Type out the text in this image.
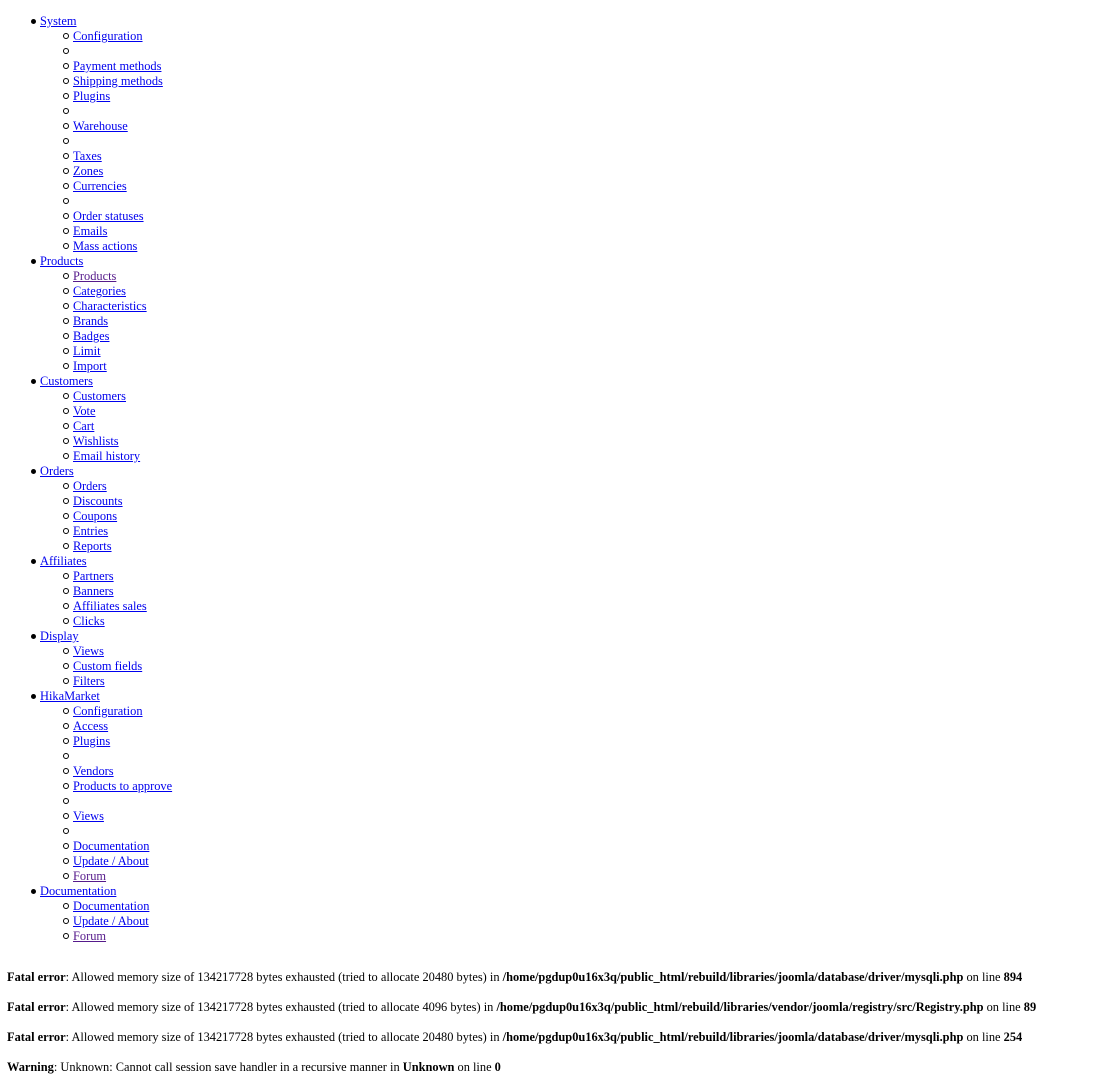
System
Configuration
Payment methods
Shipping methods
Plugins
Warehouse
Taxes
Zones
Currencies
Order statuses
Emails
Mass actions
Products
Products
Categories
Characteristics
Brands
Badges
Limit
Import
Customers
Customers
Vote
Cart
Wishlists
Email history
Orders
Orders
Discounts
Coupons
Entries
Reports
Affiliates
Partners
Banners
Affiliates sales
Clicks
Display
Views
Custom fields
Filters
HikaMarket
Configuration
Access
Plugins
Vendors
Products to approve
Views
Documentation
Update / About
Forum
Documentation
Documentation
Update / About
Forum

Fatal error: Allowed memory size of 134217728 bytes exhausted (tried to allocate 20480 bytes) in /home/pgdup0u16x3q/public_html/rebuild/libraries/joomla/database/driver/mysqli.php on line 894

Fatal error: Allowed memory size of 134217728 bytes exhausted (tried to allocate 4096 bytes) in /home/pgdup0u16x3q/public_html/rebuild/libraries/vendor/joomla/registry/src/Registry.php on line 89

Fatal error: Allowed memory size of 134217728 bytes exhausted (tried to allocate 20480 bytes) in /home/pgdup0u16x3q/public_html/rebuild/libraries/joomla/database/driver/mysqli.php on line 254

Warning: Unknown: Cannot call session save handler in a recursive manner in Unknown on line 0
